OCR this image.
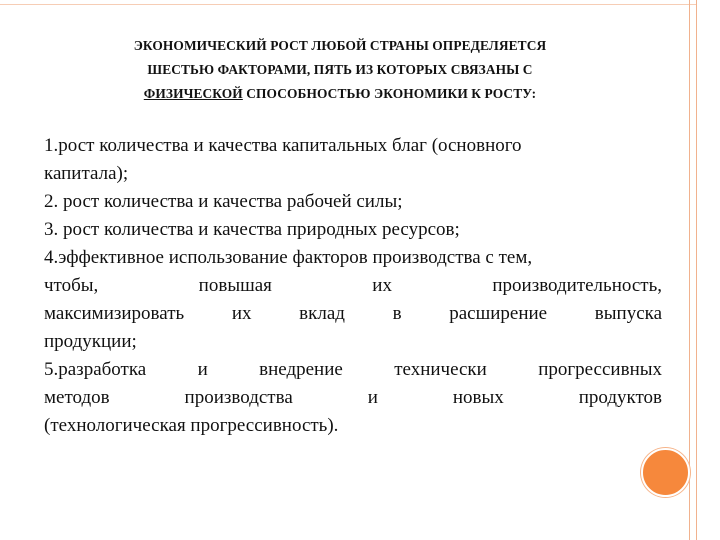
ЭКОНОМИЧЕСКИЙ РОСТ ЛЮБОЙ СТРАНЫ ОПРЕДЕЛЯЕТСЯ
ШЕСТЬЮ ФАКТОРАМИ, ПЯТЬ ИЗ КОТОРЫХ СВЯЗАНЫ С
ФИЗИЧЕСКОЙ СПОСОБНОСТЬЮ ЭКОНОМИКИ К РОСТУ:
1.рост количества и качества капитальных благ (основного
капитала);
2. рост количества и качества рабочей силы;
3. рост количества и качества природных ресурсов;
4.эффективное использование факторов производства с тем,
чтобы, повышая их производительность,
максимизировать их вклад в расширение выпуска
продукции;
5.разработка и внедрение технически прогрессивных
методов производства и новых продуктов
(технологическая прогрессивность).
